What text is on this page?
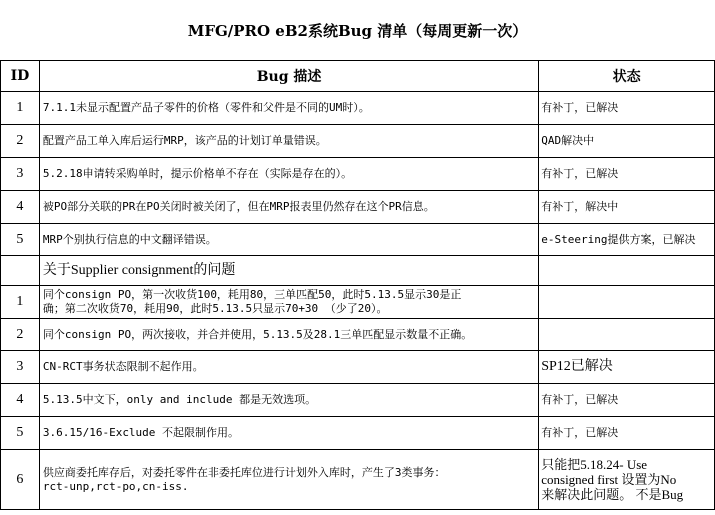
MFG/PRO eB2系统Bug 清单（每周更新一次）
ID	Bug 描述	状态
1	7.1.1未显示配置产品子零件的价格（零件和父件是不同的UM时）。	有补丁，已解决
2	配置产品工单入库后运行MRP，该产品的计划订单量错误。	QAD解决中
3	5.2.18申请转采购单时，提示价格单不存在（实际是存在的）。	有补丁，已解决
4	被PO部分关联的PR在PO关闭时被关闭了，但在MRP报表里仍然存在这个PR信息。	有补丁，解决中
5	MRP个别执行信息的中文翻译错误。	e-Steering提供方案，已解决
	关于Supplier consignment的问题	
1	同个consign PO，第一次收货100，耗用80，三单匹配50，此时5.13.5显示30是正
确；第二次收货70，耗用90，此时5.13.5只显示70+30 （少了20）。	

2	同个consign PO，两次接收，并合并使用，5.13.5及28.1三单匹配显示数量不正确。	
3	CN-RCT事务状态限制不起作用。	SP12已解决
4	5.13.5中文下，only and include 都是无效选项。	有补丁，已解决
5	3.6.15/16-Exclude 不起限制作用。	有补丁，已解决
6	供应商委托库存后，对委托零件在非委托库位进行计划外入库时，产生了3类事务：
rct-unp,rct-po,cn-iss.	只能把5.18.24- Use
consigned first 设置为No
来解决此问题。 不是Bug
